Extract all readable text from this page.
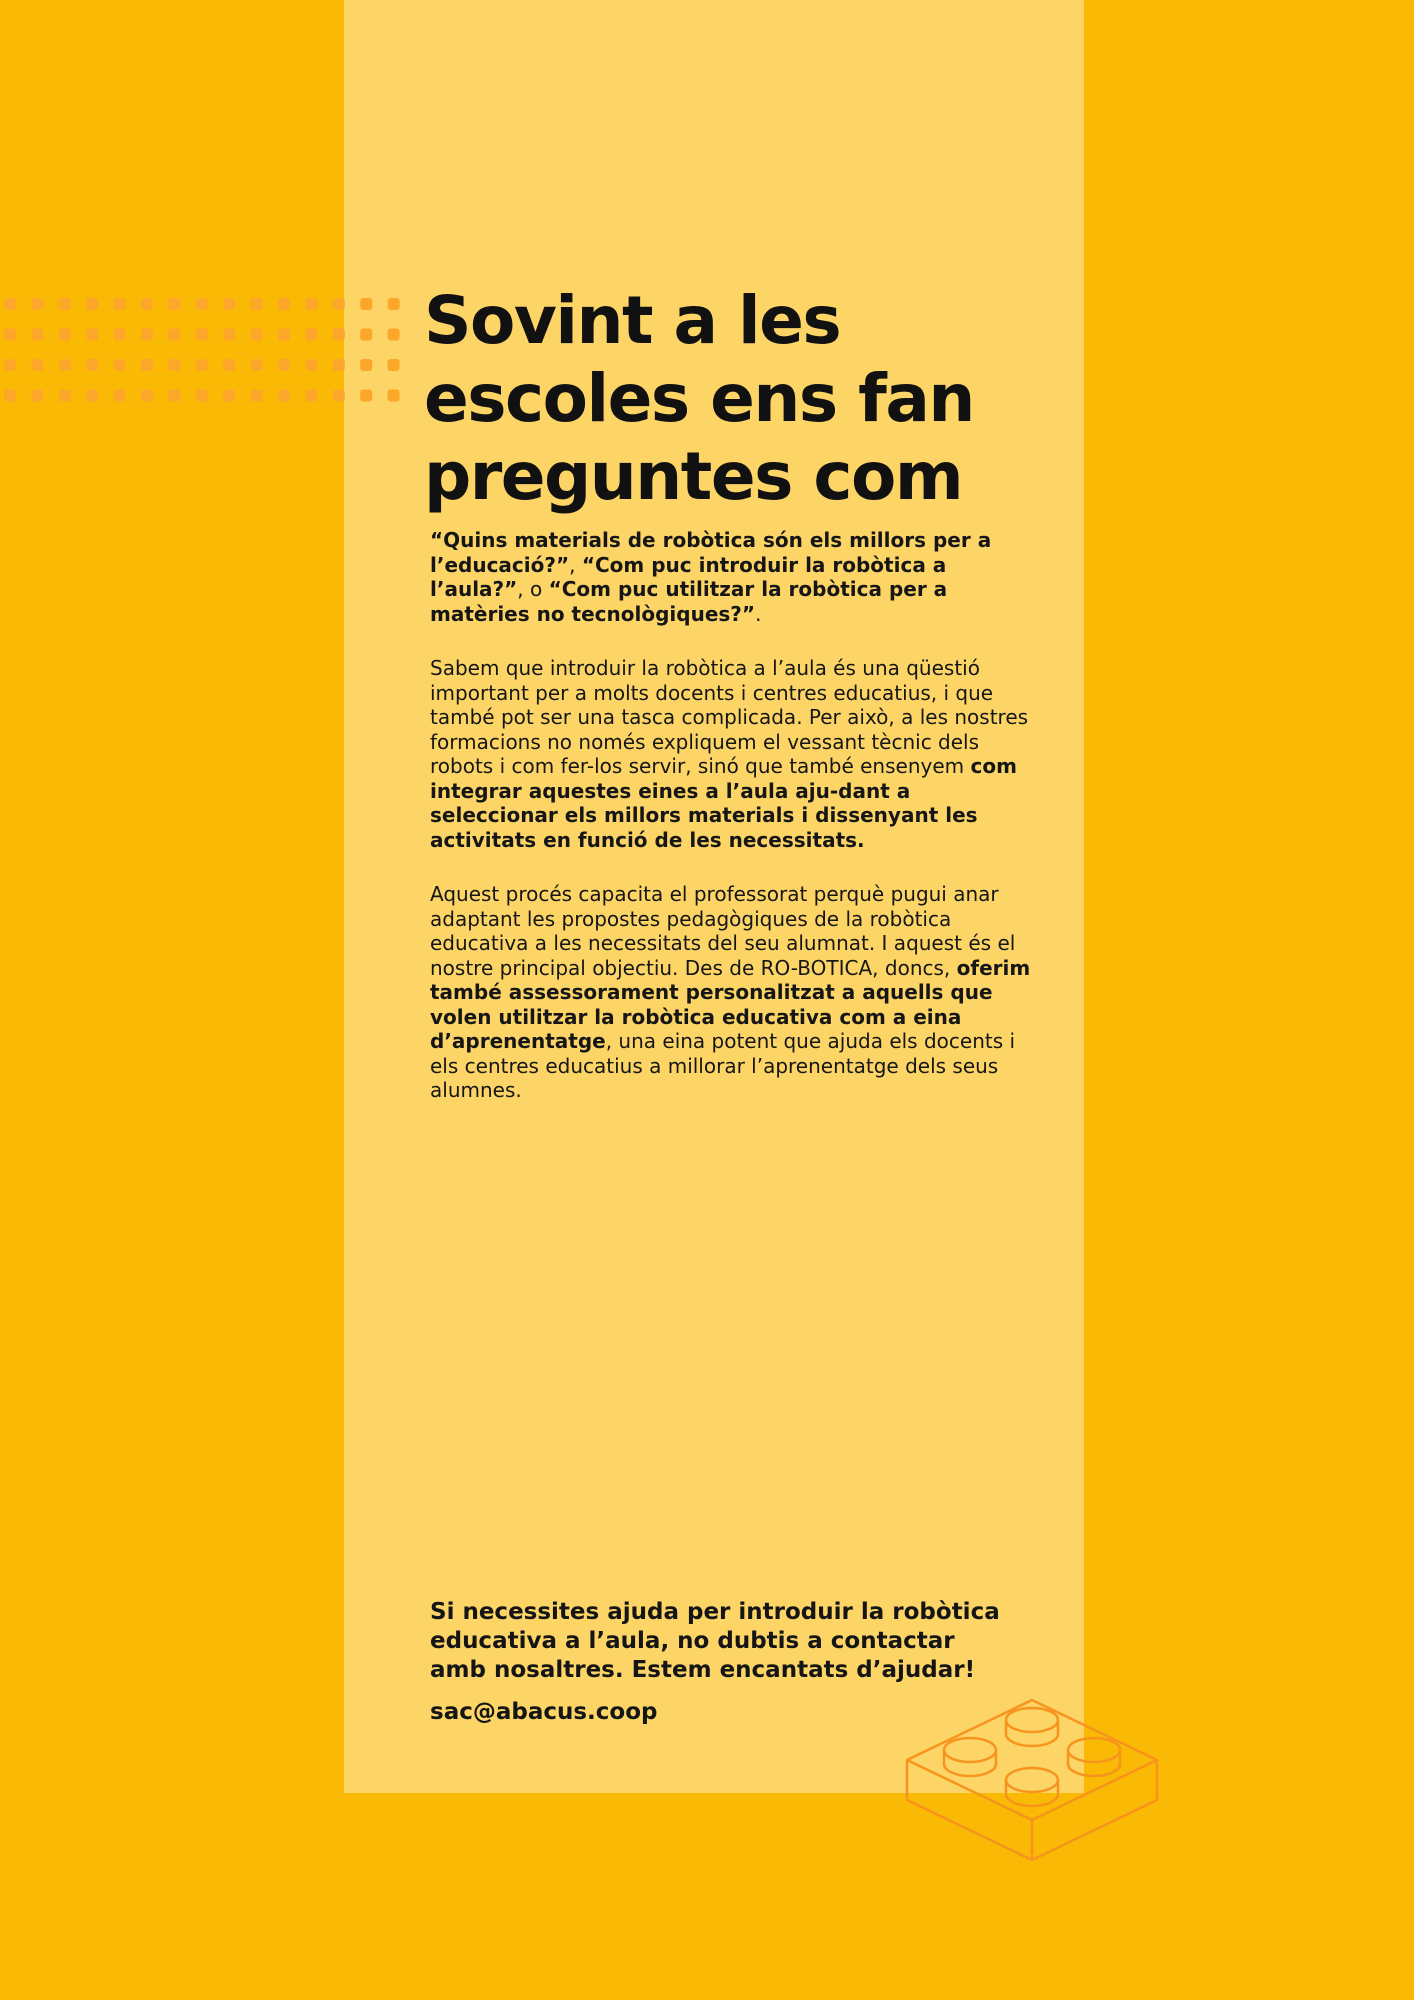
Sovint a les
escoles ens fan
preguntes com

“Quins materials de robòtica són els millors per a l’educació?”, “Com puc introduir la robòtica a l’aula?”, o “Com puc utilitzar la robòtica per a matèries no tecnològiques?”.

Sabem que introduir la robòtica a l’aula és una qüestió important per a molts docents i centres educatius, i que també pot ser una tasca complicada. Per això, a les nostres formacions no només expliquem el vessant tècnic dels robots i com fer-los servir, sinó que també ensenyem com integrar aquestes eines a l’aula aju-dant a seleccionar els millors materials i dissenyant les activitats en funció de les necessitats.

Aquest procés capacita el professorat perquè pugui anar adaptant les propostes pedagògiques de la robòtica educativa a les necessitats del seu alumnat. I aquest és el nostre principal objectiu. Des de RO-BOTICA, doncs, oferim també assessorament personalitzat a aquells que volen utilitzar la robòtica educativa com a eina d’aprenentatge, una eina potent que ajuda els docents i els centres educatius a millorar l’aprenentatge dels seus alumnes.

Si necessites ajuda per introduir la robòtica
educativa a l’aula, no dubtis a contactar
amb nosaltres. Estem encantats d’ajudar!
sac@abacus.coop
